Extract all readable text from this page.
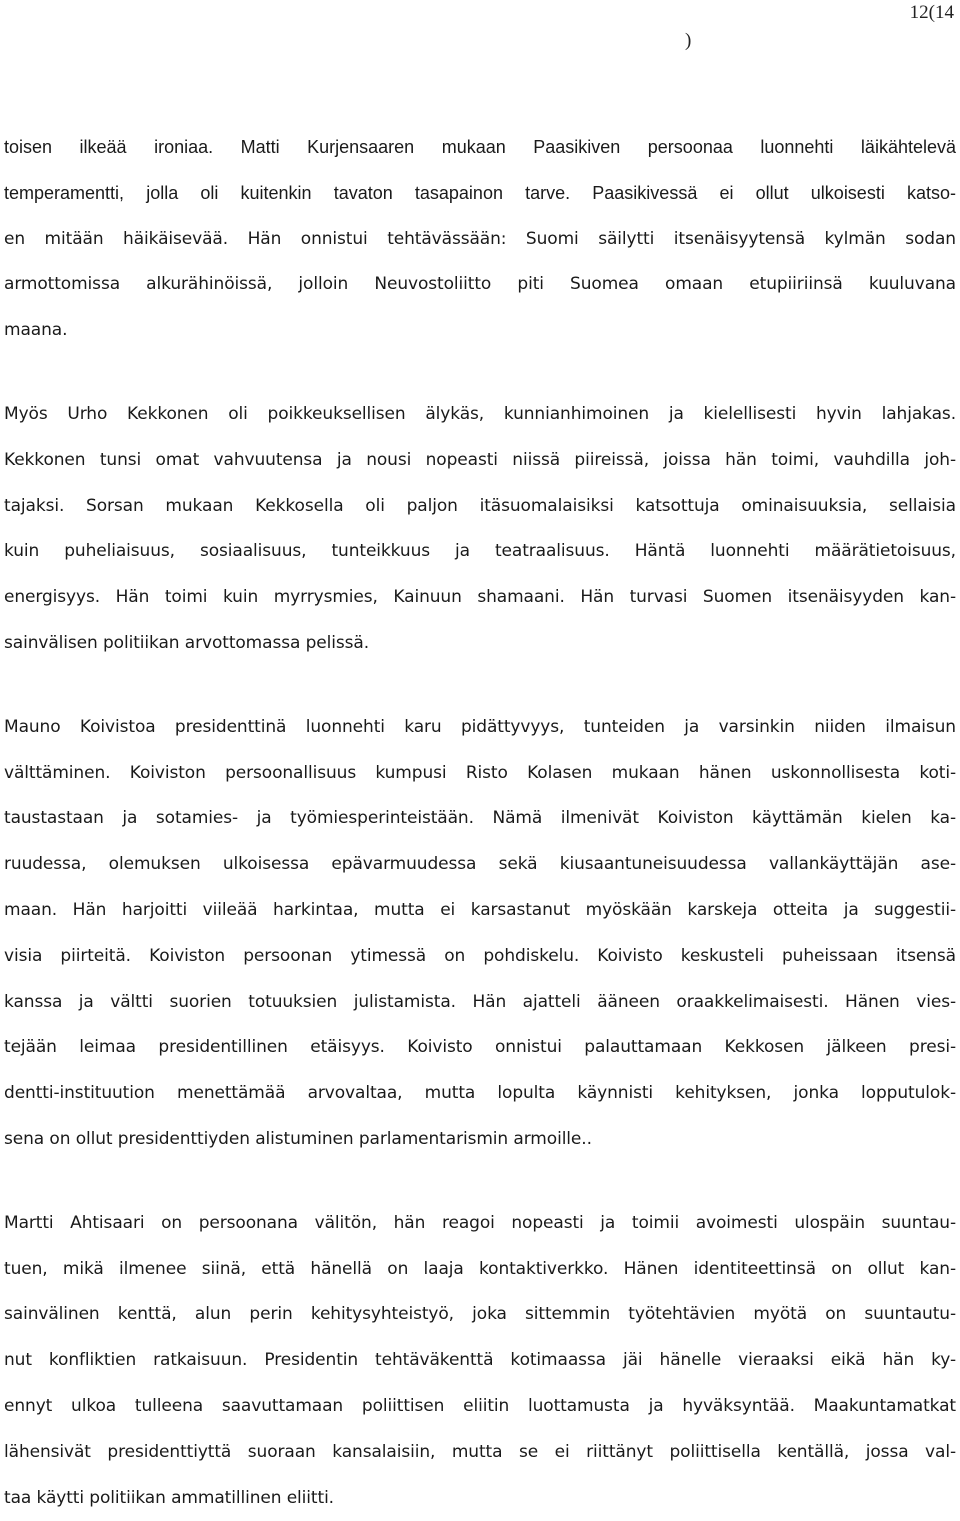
12(14
)

toisen ilkeää ironiaa. Matti Kurjensaaren mukaan Paasikiven persoonaa luonnehti läikähtelevä
temperamentti, jolla oli kuitenkin tavaton tasapainon tarve. Paasikivessä ei ollut ulkoisesti katso-
en mitään häikäisevää. Hän onnistui tehtävässään: Suomi säilytti itsenäisyytensä kylmän sodan
armottomissa alkurähinöissä, jolloin Neuvostoliitto piti Suomea omaan etupiiriinsä kuuluvana
maana.

Myös Urho Kekkonen oli poikkeuksellisen älykäs, kunnianhimoinen ja kielellisesti hyvin lahjakas.
Kekkonen tunsi omat vahvuutensa ja nousi nopeasti niissä piireissä, joissa hän toimi, vauhdilla joh-
tajaksi. Sorsan mukaan Kekkosella oli paljon itäsuomalaisiksi katsottuja ominaisuuksia, sellaisia
kuin puheliaisuus, sosiaalisuus, tunteikkuus ja teatraalisuus. Häntä luonnehti määrätietoisuus,
energisyys. Hän toimi kuin myrrysmies, Kainuun shamaani. Hän turvasi Suomen itsenäisyyden kan-
sainvälisen politiikan arvottomassa pelissä.

Mauno Koivistoa presidenttinä luonnehti karu pidättyvyys, tunteiden ja varsinkin niiden ilmaisun
välttäminen. Koiviston persoonallisuus kumpusi Risto Kolasen mukaan hänen uskonnollisesta koti-
taustastaan ja sotamies- ja työmiesperinteistään. Nämä ilmenivät Koiviston käyttämän kielen ka-
ruudessa, olemuksen ulkoisessa epävarmuudessa sekä kiusaantuneisuudessa vallankäyttäjän ase-
maan. Hän harjoitti viileää harkintaa, mutta ei karsastanut myöskään karskeja otteita ja suggestii-
visia piirteitä. Koiviston persoonan ytimessä on pohdiskelu. Koivisto keskusteli puheissaan itsensä
kanssa ja vältti suorien totuuksien julistamista. Hän ajatteli ääneen oraakkelimaisesti. Hänen vies-
tejään leimaa presidentillinen etäisyys. Koivisto onnistui palauttamaan Kekkosen jälkeen presi-
dentti-instituution menettämää arvovaltaa, mutta lopulta käynnisti kehityksen, jonka lopputulok-
sena on ollut presidenttiyden alistuminen parlamentarismin armoille..

Martti Ahtisaari on persoonana välitön, hän reagoi nopeasti ja toimii avoimesti ulospäin suuntau-
tuen, mikä ilmenee siinä, että hänellä on laaja kontaktiverkko. Hänen identiteettinsä on ollut kan-
sainvälinen kenttä, alun perin kehitysyhteistyö, joka sittemmin työtehtävien myötä on suuntautu-
nut konfliktien ratkaisuun. Presidentin tehtäväkenttä kotimaassa jäi hänelle vieraaksi eikä hän ky-
ennyt ulkoa tulleena saavuttamaan poliittisen eliitin luottamusta ja hyväksyntää. Maakuntamatkat
lähensivät presidenttiyttä suoraan kansalaisiin, mutta se ei riittänyt poliittisella kentällä, jossa val-
taa käytti politiikan ammatillinen eliitti.
